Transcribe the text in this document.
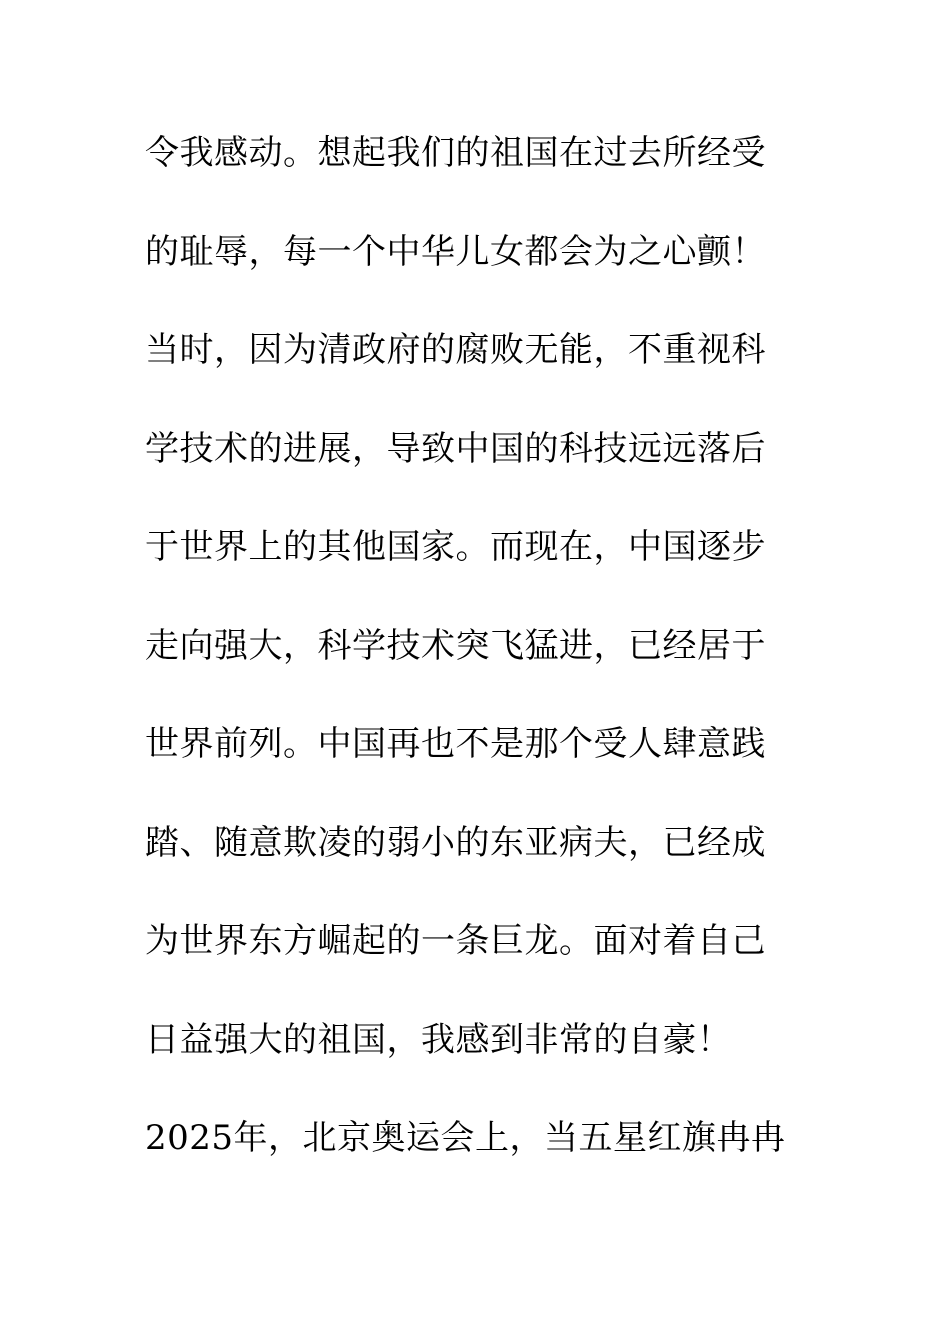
令我感动。想起我们的祖国在过去所经受
的耻辱，每一个中华儿女都会为之心颤！
当时，因为清政府的腐败无能，不重视科
学技术的进展，导致中国的科技远远落后
于世界上的其他国家。而现在，中国逐步
走向强大，科学技术突飞猛进，已经居于
世界前列。中国再也不是那个受人肆意践
踏、随意欺凌的弱小的东亚病夫，已经成
为世界东方崛起的一条巨龙。面对着自己
日益强大的祖国，我感到非常的自豪！
2025年，北京奥运会上，当五星红旗冉冉
